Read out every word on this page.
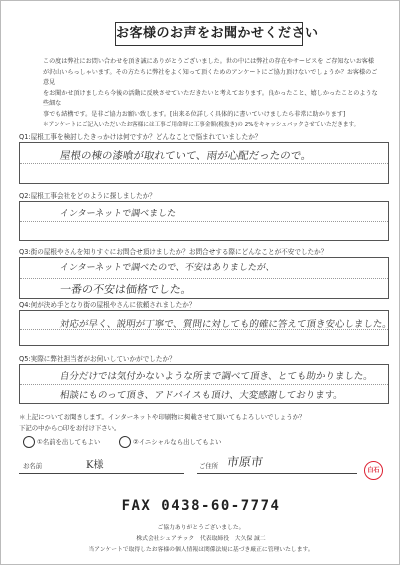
お客様のお声をお聞かせください

この度は弊社にお問い合わせを頂き誠にありがとうございました。世の中には弊社の存在やサービスを ご存知ないお客様

が沢山いらっしゃいます。その方たちに弊社をよく知って頂くためのアンケートにご協力頂けないでしょうか？お客様のご意見

をお聞かせ頂けましたら今後の活動に反映させていただきたいと考えております。良かったこと、嬉しかったことのような些細な

事でも結構です。是非ご協力お願い致します。[出来る位詳しく具体的に書いていけましたら非常に助かります]

＊アンケートにご記入いただいたお客様には工事ご用命時に工事金額(税抜き)の 2%をキャッシュバックさせていただきます。

Q1:屋根工事を検討したきっかけは何ですか？どんなことで悩まれていましたか？
屋根の棟の漆喰が取れていて、雨が心配だったので。
Q2:屋根工事会社をどのように探しましたか？
インターネットで調べました
Q3:街の屋根やさんを知りすぐにお問合せ頂けましたか？お問合せする際にどんなことが不安でしたか？
インターネットで調べたので、不安はありましたが、
一番の不安は価格でした。
Q4:何が決め手となり街の屋根やさんに依頼されましたか？
対応が早く、説明が丁寧で、質問に対しても的確に答えて頂き安心しました。
Q5:実際に弊社担当者がお伺いしていかがでしたか？
自分だけでは気付かないような所まで調べて頂き、とても助かりました。
相談にものって頂き、アドバイスも頂け、大変感謝しております。
＊上記についてお聞きします。インターネットや印刷物に掲載させて頂いてもよろしいでしょうか？
下記の中から○印をお付け下さい。
①名前を出してもよい	②イニシャルなら出してもよい
お名前	K様	ご住所 市原市
白石
FAX 0438-60-7774
ご協力ありがとうございました。
株式会社シェアテック　代表取締役　大久保 誠二
当アンケートで取得したお客様の個人情報は関係法規に基づき厳正に管理いたします。
